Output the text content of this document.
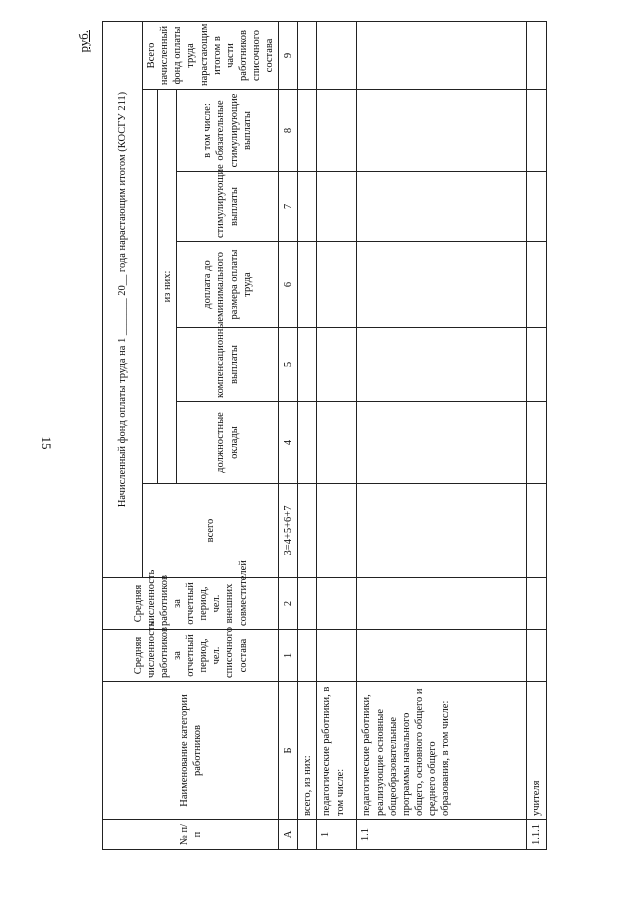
15
руб.
№ п/п	Наименование категории работников	Средняя численность работников за отчетный период, чел. списочного состава	Средняя численность работников за отчетный период, чел. внешних совместителей	Начисленный фонд оплаты труда на 1 _______ 20__ года нарастающим итогом (КОСГУ 211)						
				всего						Всего начисленный фонд оплаты труда нарастающим итогом в части работников списочного состава
					из них:					
					должностные оклады	компенсационные выплаты	доплата до минимального размера оплаты труда	стимулирующие выплаты	в том числе: обязательные стимулирующие выплаты	
А	Б	1	2	3=4+5+6+7	4	5	6	7	8	9
	всего, из них:									
1	педагогические работники, в том числе:									
1.1	педагогические работники, реализующие основные общеобразовательные программы начального общего, основного общего и среднего общего образования, в том числе:									
1.1.1	учителя									
